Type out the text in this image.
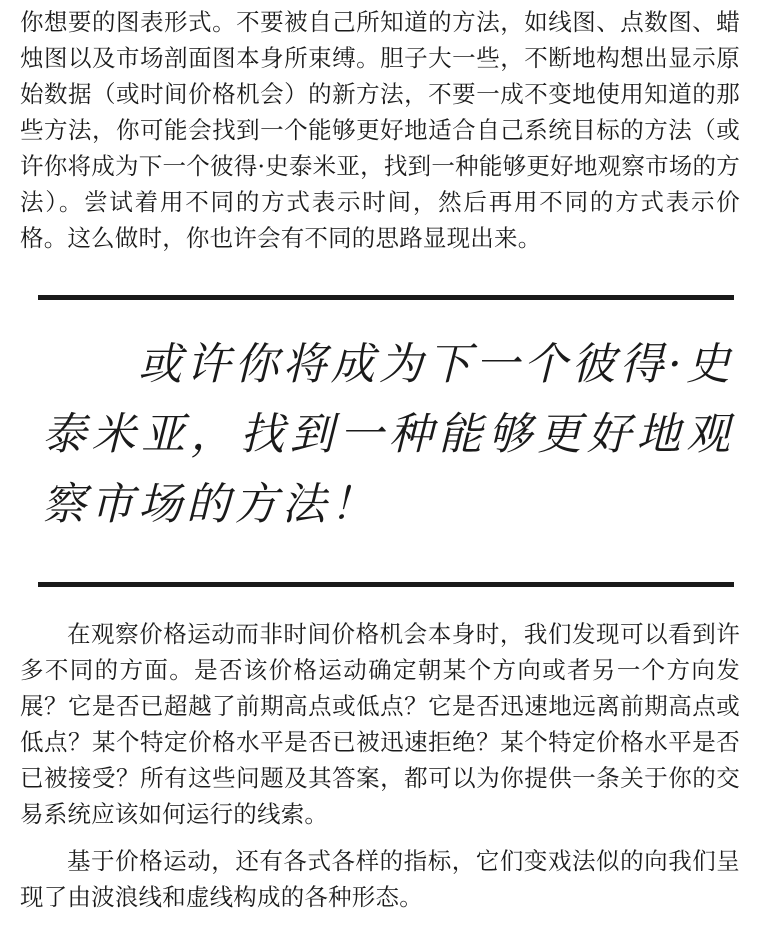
你想要的图表形式。不要被自己所知道的方法，如线图、点数图、蜡烛图以及市场剖面图本身所束缚。胆子大一些，不断地构想出显示原始数据（或时间价格机会）的新方法，不要一成不变地使用知道的那些方法，你可能会找到一个能够更好地适合自己系统目标的方法（或许你将成为下一个彼得·史泰米亚，找到一种能够更好地观察市场的方法）。尝试着用不同的方式表示时间，然后再用不同的方式表示价格。这么做时，你也许会有不同的思路显现出来。

或许你将成为下一个彼得·史泰米亚，找到一种能够更好地观察市场的方法！

在观察价格运动而非时间价格机会本身时，我们发现可以看到许多不同的方面。是否该价格运动确定朝某个方向或者另一个方向发展？它是否已超越了前期高点或低点？它是否迅速地远离前期高点或低点？某个特定价格水平是否已被迅速拒绝？某个特定价格水平是否已被接受？所有这些问题及其答案，都可以为你提供一条关于你的交易系统应该如何运行的线索。

基于价格运动，还有各式各样的指标，它们变戏法似的向我们呈现了由波浪线和虚线构成的各种形态。
